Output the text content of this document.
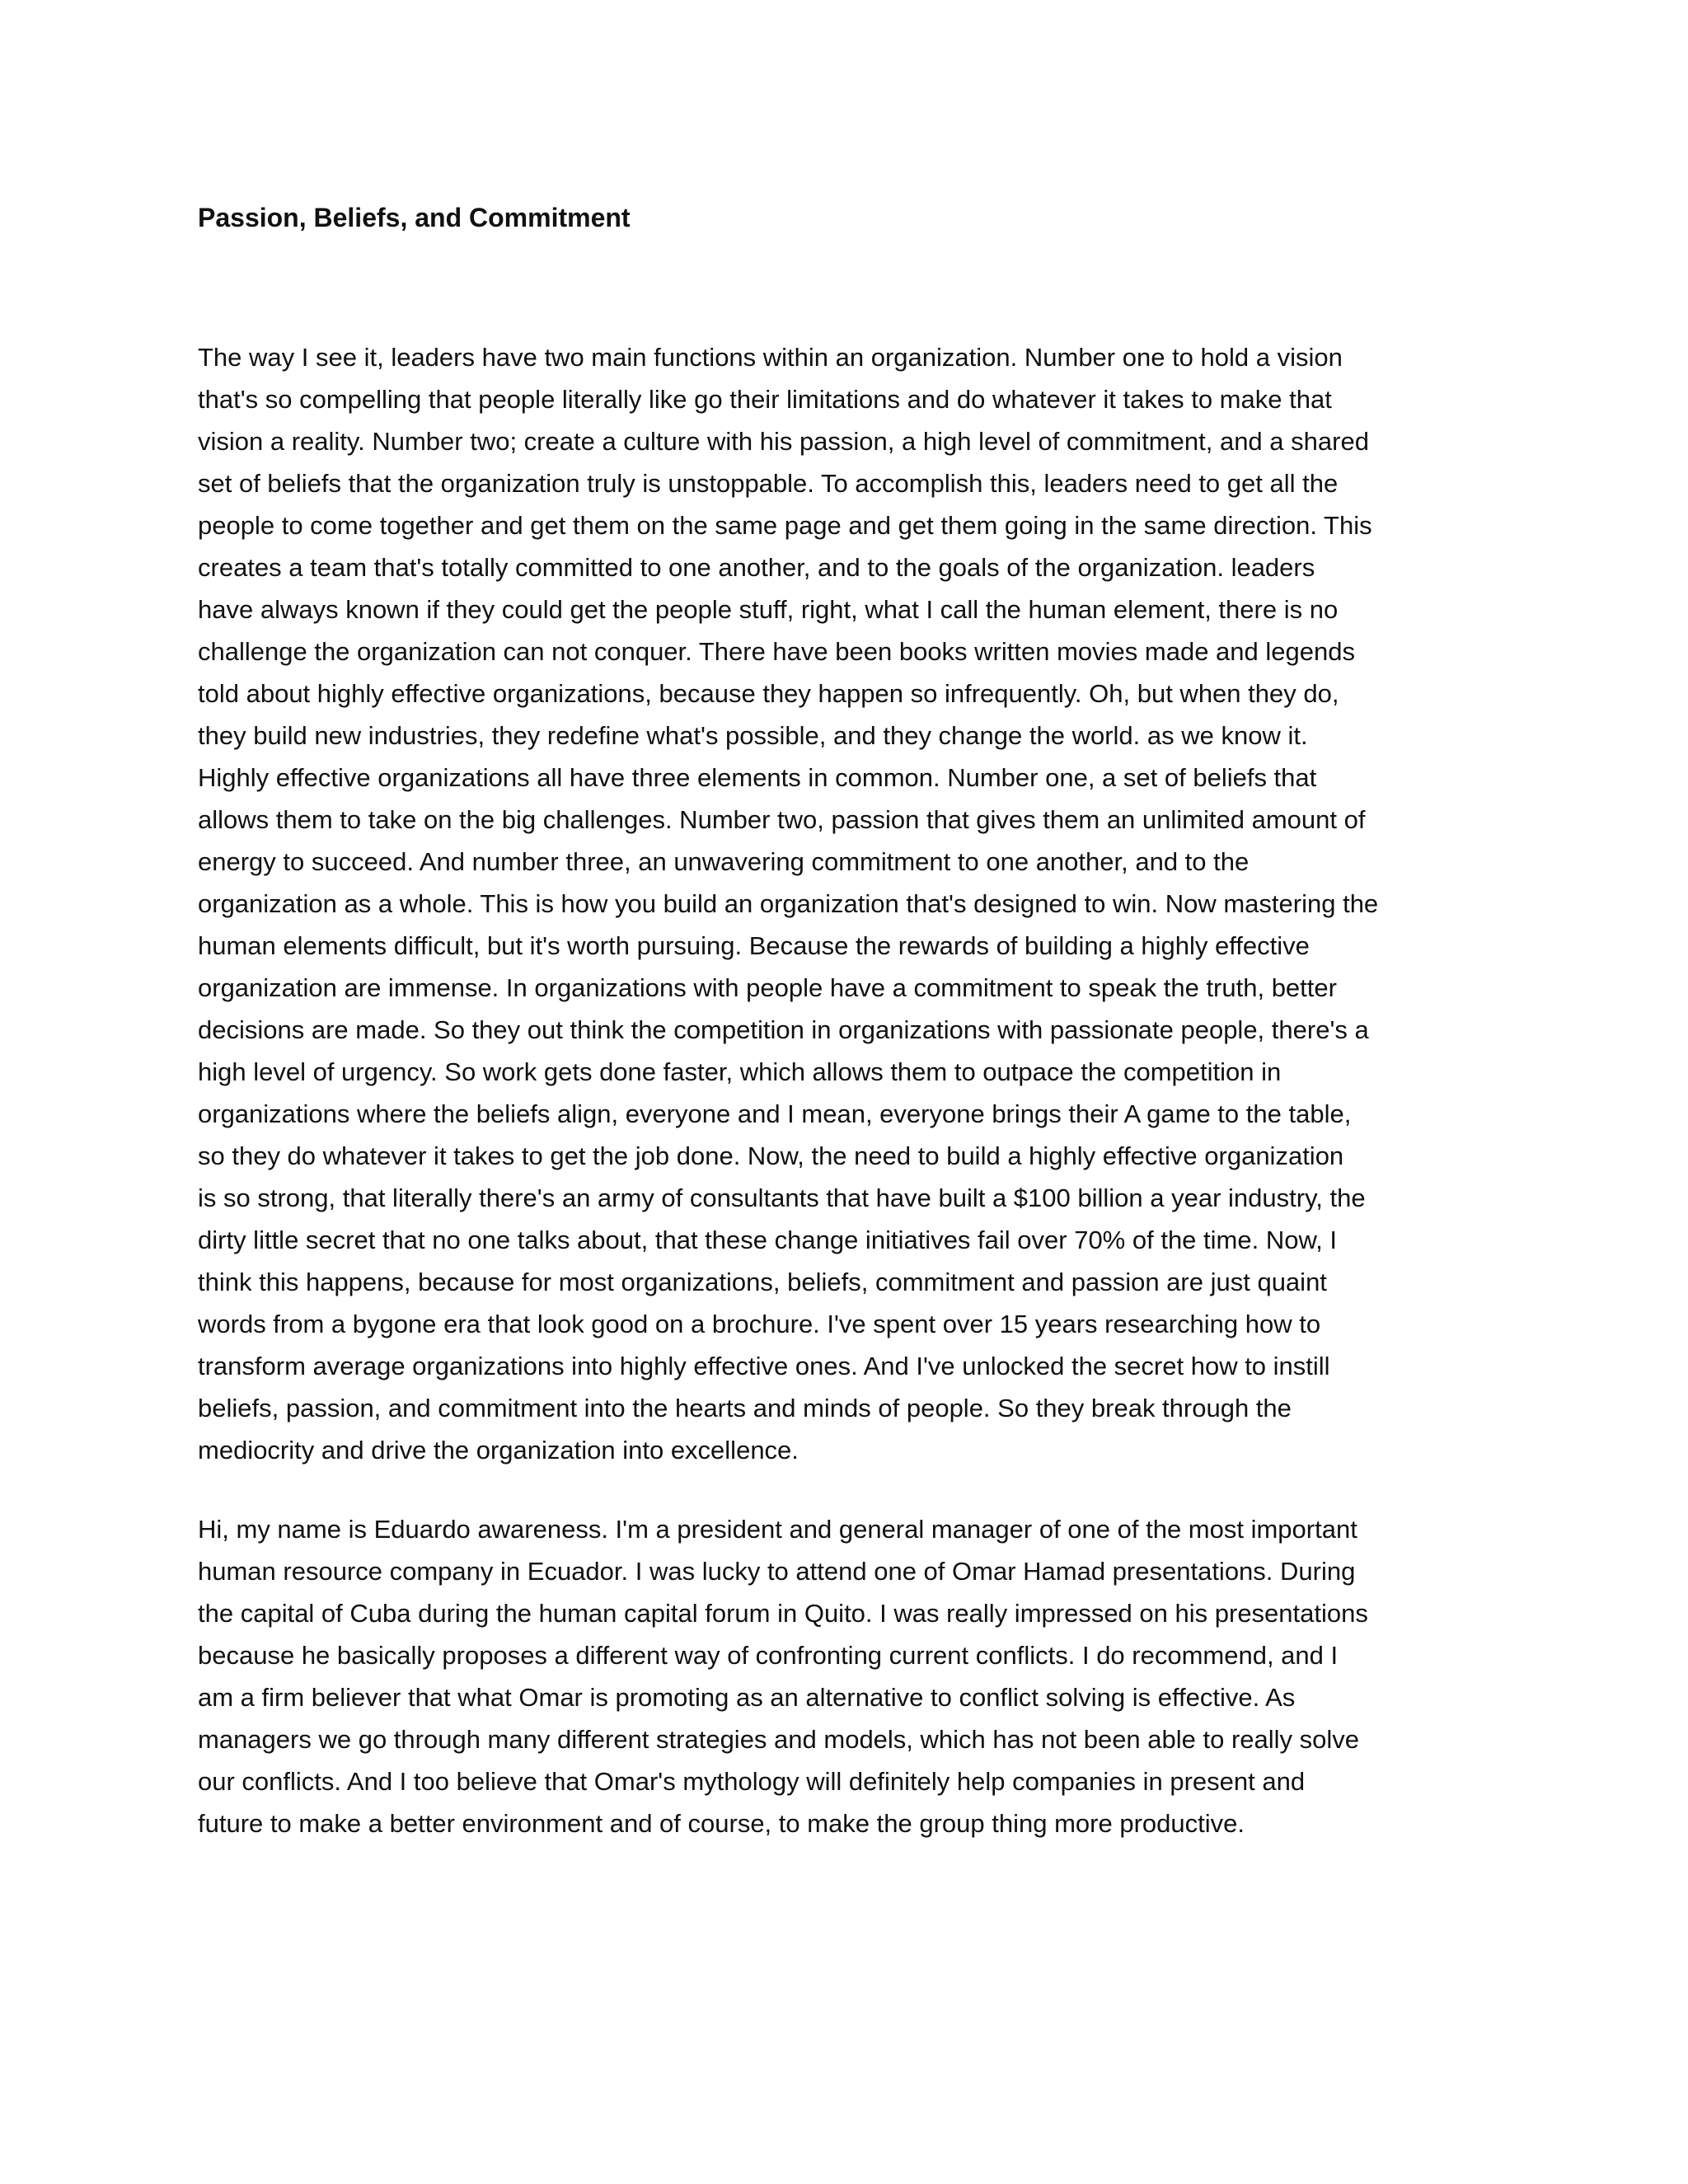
Passion, Beliefs, and Commitment
The way I see it, leaders have two main functions within an organization. Number one to hold a vision
that's so compelling that people literally like go their limitations and do whatever it takes to make that
vision a reality. Number two; create a culture with his passion, a high level of commitment, and a shared
set of beliefs that the organization truly is unstoppable. To accomplish this, leaders need to get all the
people to come together and get them on the same page and get them going in the same direction. This
creates a team that's totally committed to one another, and to the goals of the organization. leaders
have always known if they could get the people stuff, right, what I call the human element, there is no
challenge the organization can not conquer. There have been books written movies made and legends
told about highly effective organizations, because they happen so infrequently. Oh, but when they do,
they build new industries, they redefine what's possible, and they change the world. as we know it.
Highly effective organizations all have three elements in common. Number one, a set of beliefs that
allows them to take on the big challenges. Number two, passion that gives them an unlimited amount of
energy to succeed. And number three, an unwavering commitment to one another, and to the
organization as a whole. This is how you build an organization that's designed to win. Now mastering the
human elements difficult, but it's worth pursuing. Because the rewards of building a highly effective
organization are immense. In organizations with people have a commitment to speak the truth, better
decisions are made. So they out think the competition in organizations with passionate people, there's a
high level of urgency. So work gets done faster, which allows them to outpace the competition in
organizations where the beliefs align, everyone and I mean, everyone brings their A game to the table,
so they do whatever it takes to get the job done. Now, the need to build a highly effective organization
is so strong, that literally there's an army of consultants that have built a $100 billion a year industry, the
dirty little secret that no one talks about, that these change initiatives fail over 70% of the time. Now, I
think this happens, because for most organizations, beliefs, commitment and passion are just quaint
words from a bygone era that look good on a brochure. I've spent over 15 years researching how to
transform average organizations into highly effective ones. And I've unlocked the secret how to instill
beliefs, passion, and commitment into the hearts and minds of people. So they break through the
mediocrity and drive the organization into excellence.
Hi, my name is Eduardo awareness. I'm a president and general manager of one of the most important
human resource company in Ecuador. I was lucky to attend one of Omar Hamad presentations. During
the capital of Cuba during the human capital forum in Quito. I was really impressed on his presentations
because he basically proposes a different way of confronting current conflicts. I do recommend, and I
am a firm believer that what Omar is promoting as an alternative to conflict solving is effective. As
managers we go through many different strategies and models, which has not been able to really solve
our conflicts. And I too believe that Omar's mythology will definitely help companies in present and
future to make a better environment and of course, to make the group thing more productive.
